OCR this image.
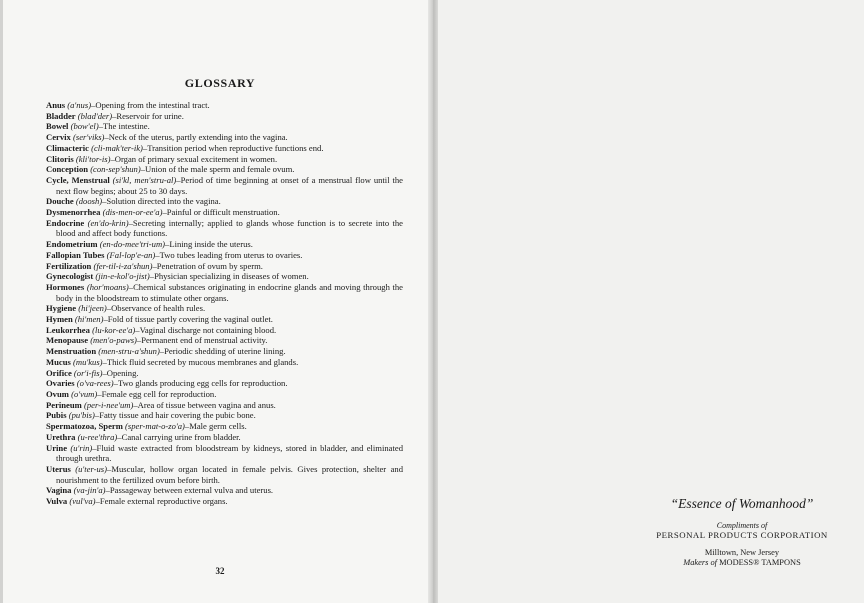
GLOSSARY
Anus (a'nus)–Opening from the intestinal tract.
Bladder (blad'der)–Reservoir for urine.
Bowel (bow'el)–The intestine.
Cervix (ser'viks)–Neck of the uterus, partly extending into the vagina.
Climacteric (cli-mak'ter-ik)–Transition period when reproductive functions end.
Clitoris (kli'tor-is)–Organ of primary sexual excitement in women.
Conception (con-sep'shun)–Union of the male sperm and female ovum.
Cycle, Menstrual (si'kl, men'stru-al)–Period of time beginning at onset of a menstrual flow until the next flow begins; about 25 to 30 days.
Douche (doosh)–Solution directed into the vagina.
Dysmenorrhea (dis-men-or-ee'a)–Painful or difficult menstruation.
Endocrine (en'do-krin)–Secreting internally; applied to glands whose function is to secrete into the blood and affect body functions.
Endometrium (en-do-mee'tri-um)–Lining inside the uterus.
Fallopian Tubes (Fal-lop'e-an)–Two tubes leading from uterus to ovaries.
Fertilization (fer-til-i-za'shun)–Penetration of ovum by sperm.
Gynecologist (jin-e-kol'o-jist)–Physician specializing in diseases of women.
Hormones (hor'moans)–Chemical substances originating in endocrine glands and moving through the body in the bloodstream to stimulate other organs.
Hygiene (hi'jeen)–Observance of health rules.
Hymen (hi'men)–Fold of tissue partly covering the vaginal outlet.
Leukorrhea (lu-kor-ee'a)–Vaginal discharge not containing blood.
Menopause (men'o-paws)–Permanent end of menstrual activity.
Menstruation (men-stru-a'shun)–Periodic shedding of uterine lining.
Mucus (mu'kus)–Thick fluid secreted by mucous membranes and glands.
Orifice (or'i-fis)–Opening.
Ovaries (o'va-rees)–Two glands producing egg cells for reproduction.
Ovum (o'vum)–Female egg cell for reproduction.
Perineum (per-i-nee'um)–Area of tissue between vagina and anus.
Pubis (pu'bis)–Fatty tissue and hair covering the pubic bone.
Spermatozoa, Sperm (sper-mat-o-zo'a)–Male germ cells.
Urethra (u-ree'thra)–Canal carrying urine from bladder.
Urine (u'rin)–Fluid waste extracted from bloodstream by kidneys, stored in bladder, and eliminated through urethra.
Uterus (u'ter-us)–Muscular, hollow organ located in female pelvis. Gives protection, shelter and nourishment to the fertilized ovum before birth.
Vagina (va-jin'a)–Passageway between external vulva and uterus.
Vulva (vul'va)–Female external reproductive organs.
32
“Essence of Womanhood”
Compliments of
PERSONAL PRODUCTS CORPORATION
Milltown, New Jersey
Makers of MODESS® TAMPONS
